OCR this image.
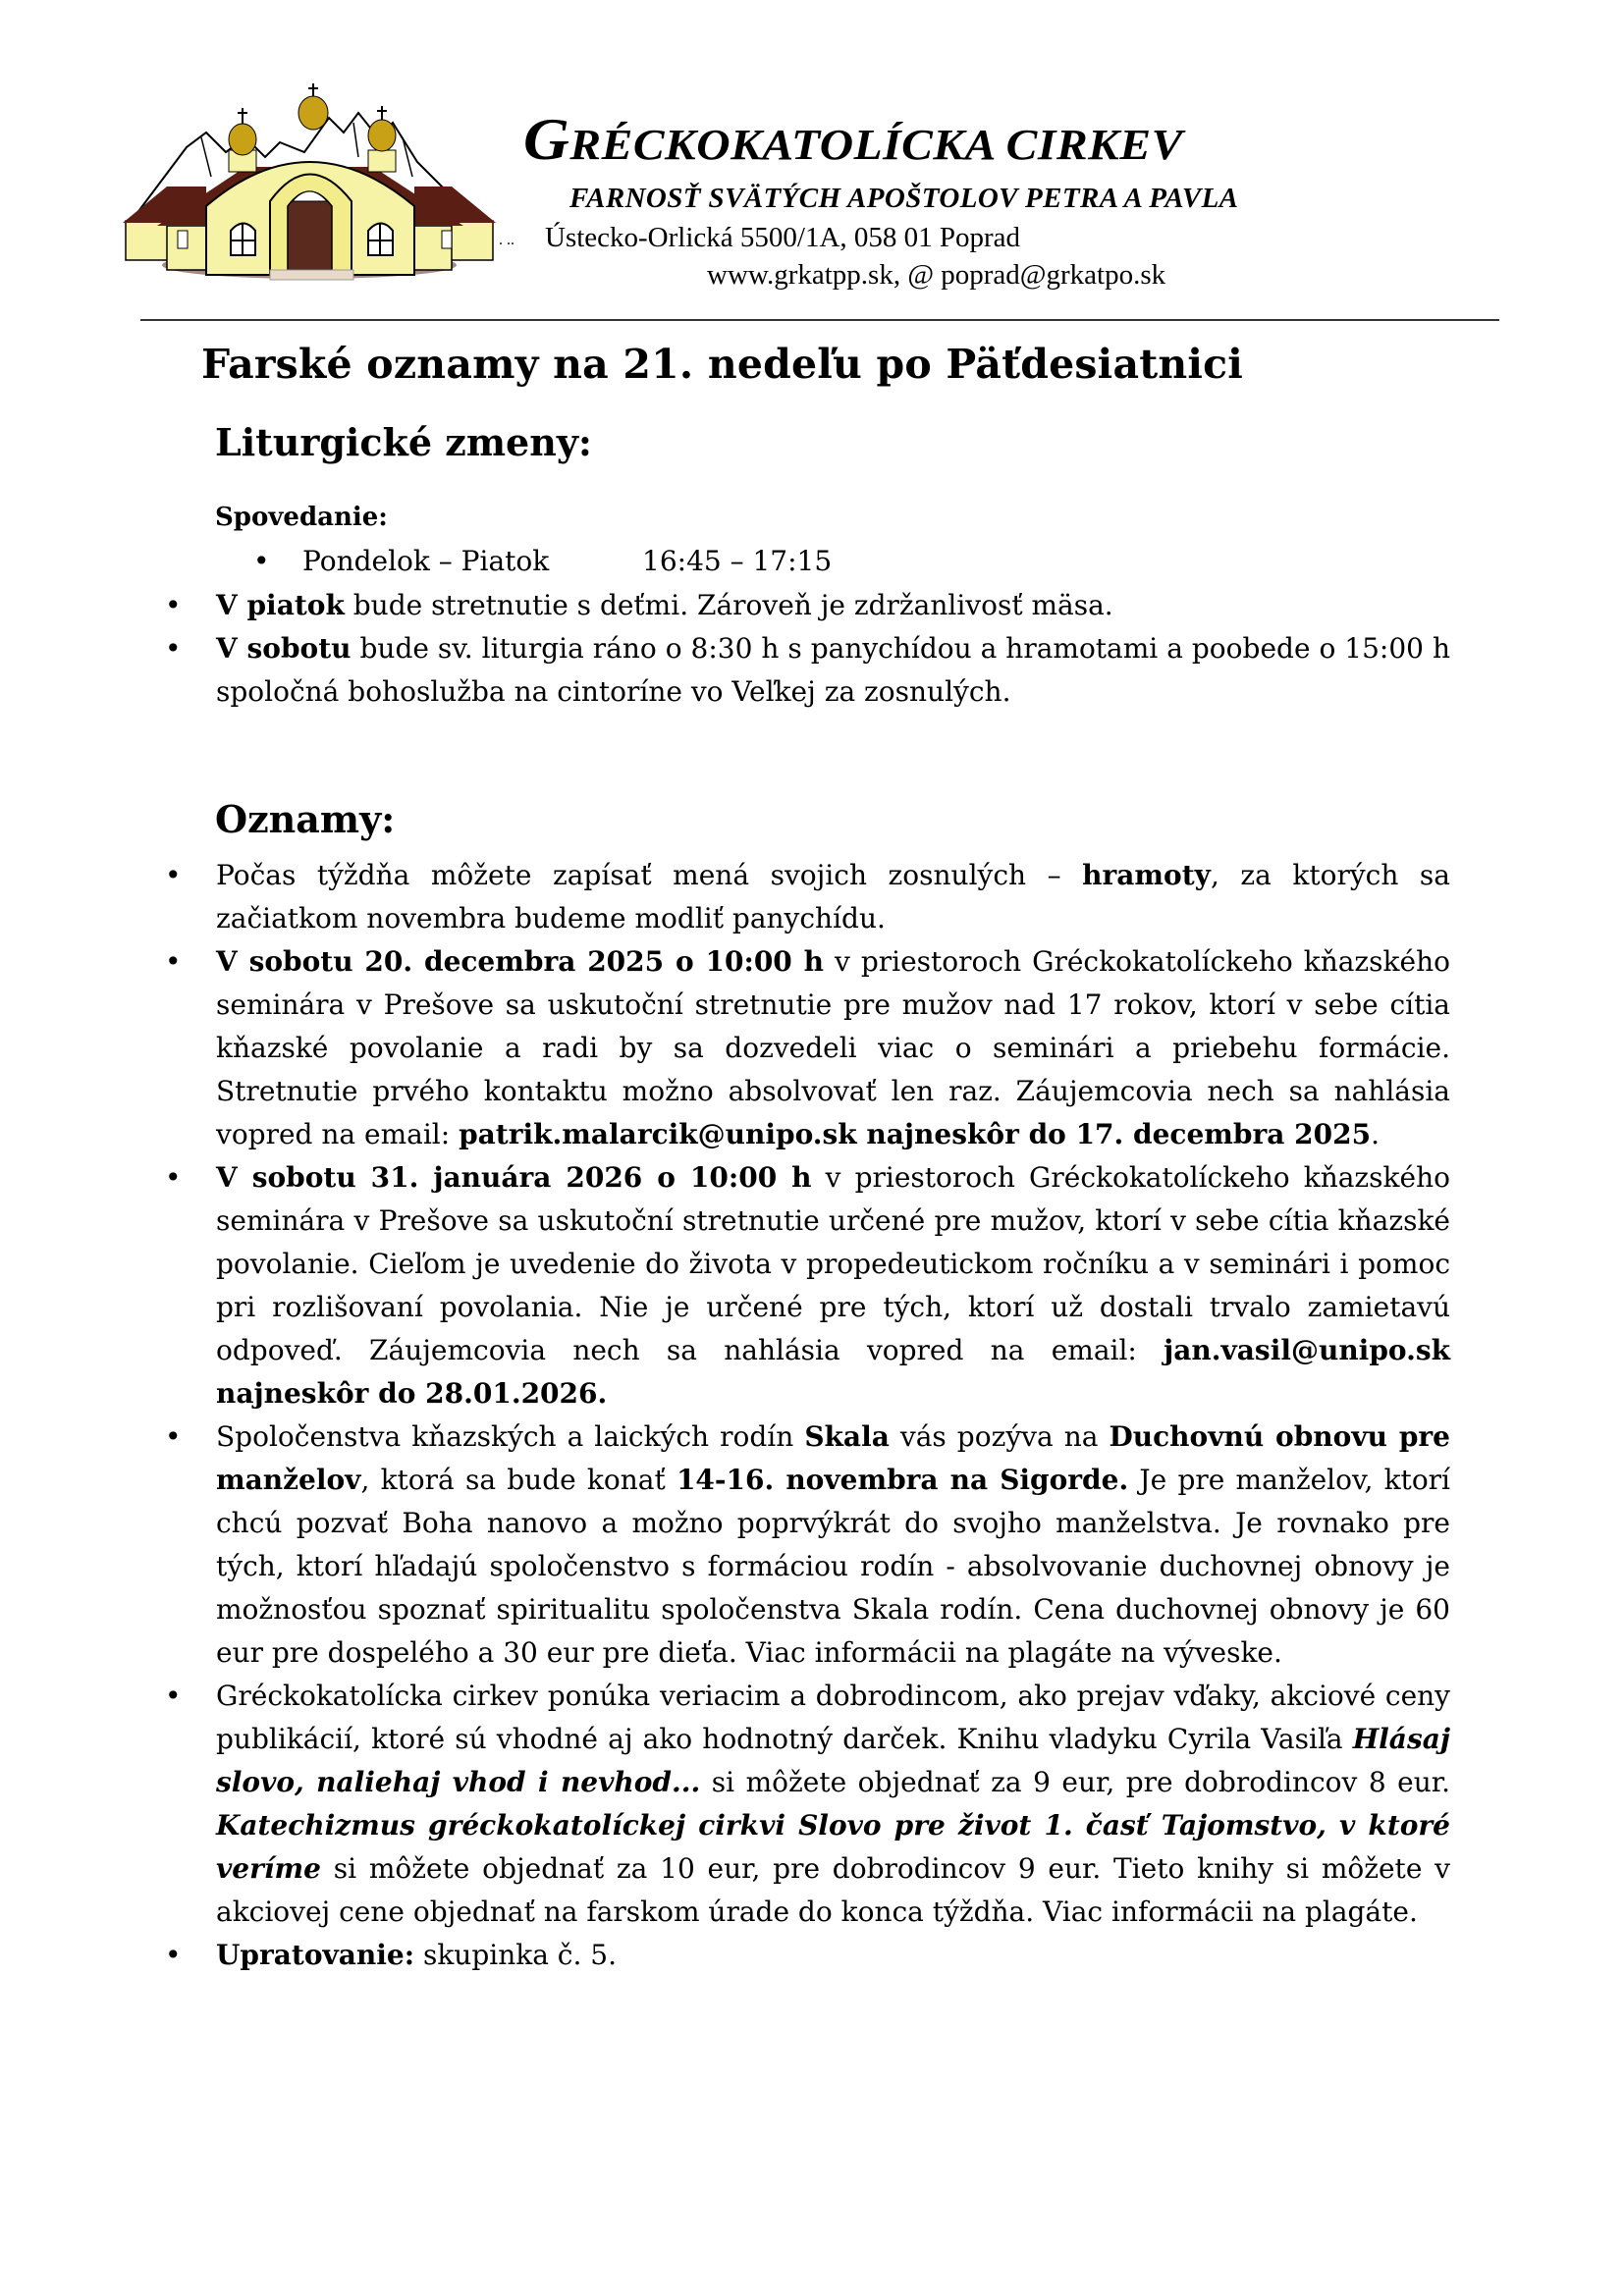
GRÉCKOKATOLÍCKA CIRKEV
FARNOSŤ SVÄTÝCH APOŠTOLOV PETRA A PAVLA
. .. Ústecko-Orlická 5500/1A, 058 01 Poprad
www.grkatpp.sk, @ poprad@grkatpo.sk
Farské oznamy na 21. nedeľu po Päťdesiatnici
Liturgické zmeny:
Spovedanie:

•

Pondelok – Piatok

	16:45 – 17:15

• V piatok bude stretnutie s deťmi. Zároveň je zdržanlivosť mäsa.
• V sobotu bude sv. liturgia ráno o 8:30 h s panychídou a hramotami a poobede o 15:00 h spoločná bohoslužba na cintoríne vo Veľkej za zosnulých.
Oznamy:
• Počas týždňa môžete zapísať mená svojich zosnulých – hramoty, za ktorých sa začiatkom novembra budeme modliť panychídu.
• V sobotu 20. decembra 2025 o 10:00 h v priestoroch Gréckokatolíckeho kňazského seminára v Prešove sa uskutoční stretnutie pre mužov nad 17 rokov, ktorí v sebe cítia kňazské povolanie a radi by sa dozvedeli viac o seminári a priebehu formácie. Stretnutie prvého kontaktu možno absolvovať len raz. Záujemcovia nech sa nahlásia vopred na email: patrik.malarcik@unipo.sk najneskôr do 17. decembra 2025.
• V sobotu 31. januára 2026 o 10:00 h v priestoroch Gréckokatolíckeho kňazského seminára v Prešove sa uskutoční stretnutie určené pre mužov, ktorí v sebe cítia kňazské povolanie. Cieľom je uvedenie do života v propedeutickom ročníku a v seminári i pomoc pri rozlišovaní povolania. Nie je určené pre tých, ktorí už dostali trvalo zamietavú odpoveď. Záujemcovia nech sa nahlásia vopred na email: jan.vasil@unipo.sk najneskôr do 28.01.2026.
• Spoločenstva kňazských a laických rodín Skala vás pozýva na Duchovnú obnovu pre manželov, ktorá sa bude konať 14-16. novembra na Sigorde. Je pre manželov, ktorí chcú pozvať Boha nanovo a možno poprvýkrát do svojho manželstva. Je rovnako pre tých, ktorí hľadajú spoločenstvo s formáciou rodín - absolvovanie duchovnej obnovy je možnosťou spoznať spiritualitu spoločenstva Skala rodín. Cena duchovnej obnovy je 60 eur pre dospelého a 30 eur pre dieťa. Viac informácii na plagáte na výveske.
• Gréckokatolícka cirkev ponúka veriacim a dobrodincom, ako prejav vďaky, akciové ceny publikácií, ktoré sú vhodné aj ako hodnotný darček. Knihu vladyku Cyrila Vasiľa Hlásaj slovo, naliehaj vhod i nevhod... si môžete objednať za 9 eur, pre dobrodincov 8 eur. Katechizmus gréckokatolíckej cirkvi Slovo pre život 1. časť Tajomstvo, v ktoré veríme si môžete objednať za 10 eur, pre dobrodincov 9 eur. Tieto knihy si môžete v akciovej cene objednať na farskom úrade do konca týždňa. Viac informácii na plagáte.
• Upratovanie: skupinka č. 5.
